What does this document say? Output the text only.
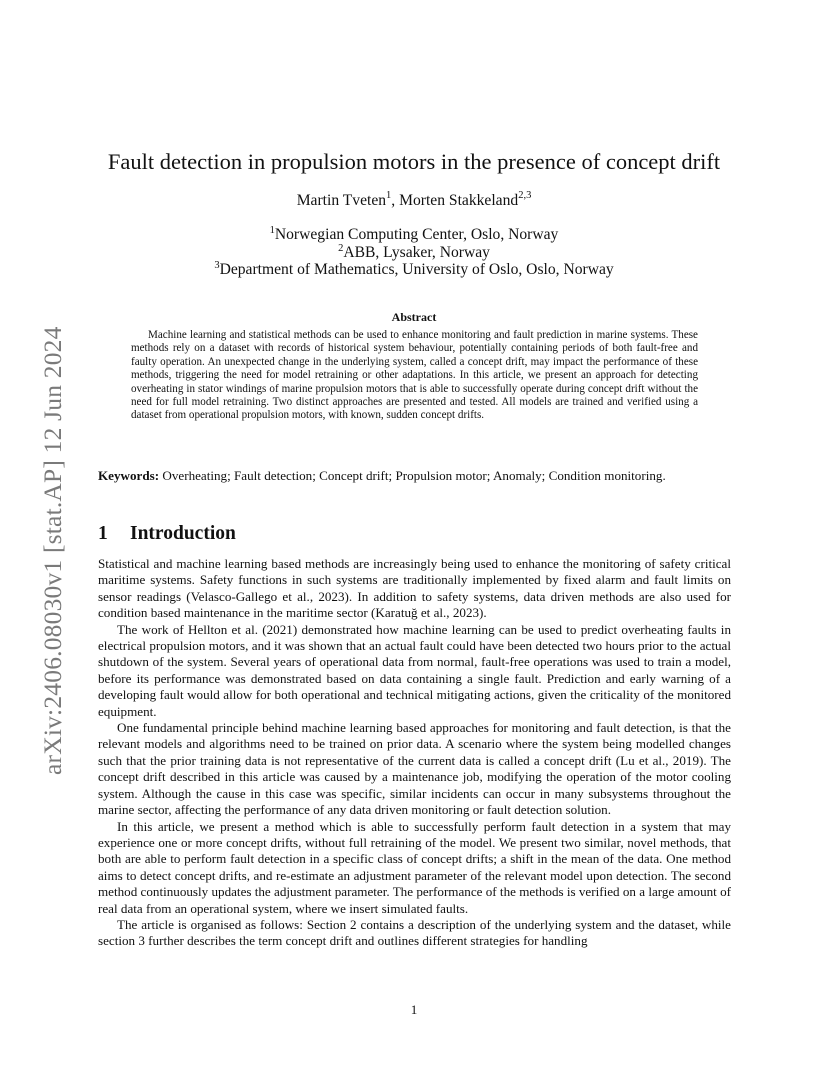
arXiv:2406.08030v1 [stat.AP] 12 Jun 2024
Fault detection in propulsion motors in the presence of concept drift
Martin Tveten$^1$, Morten Stakkeland$^{2,3}$
$^1$Norwegian Computing Center, Oslo, Norway
$^2$ABB, Lysaker, Norway
$^3$Department of Mathematics, University of Oslo, Oslo, Norway
Abstract
Machine learning and statistical methods can be used to enhance monitoring and fault prediction in marine systems. These methods rely on a dataset with records of historical system behaviour, potentially containing periods of both fault-free and faulty operation. An unexpected change in the underlying system, called a concept drift, may impact the performance of these methods, triggering the need for model retraining or other adaptations. In this article, we present an approach for detecting overheating in stator windings of marine propulsion motors that is able to successfully operate during concept drift without the need for full model retraining. Two distinct approaches are presented and tested. All models are trained and verified using a dataset from operational propulsion motors, with known, sudden concept drifts.
Keywords: Overheating; Fault detection; Concept drift; Propulsion motor; Anomaly; Condition monitoring.
1 Introduction

Statistical and machine learning based methods are increasingly being used to enhance the monitoring of safety critical maritime systems. Safety functions in such systems are traditionally implemented by fixed alarm and fault limits on sensor readings (Velasco-Gallego et al., 2023). In addition to safety systems, data driven methods are also used for condition based maintenance in the maritime sector (Karatuğ et al., 2023).

The work of Hellton et al. (2021) demonstrated how machine learning can be used to predict overheating faults in electrical propulsion motors, and it was shown that an actual fault could have been detected two hours prior to the actual shutdown of the system. Several years of operational data from normal, fault-free operations was used to train a model, before its performance was demonstrated based on data containing a single fault. Prediction and early warning of a developing fault would allow for both operational and technical mitigating actions, given the criticality of the monitored equipment.

One fundamental principle behind machine learning based approaches for monitoring and fault detection, is that the relevant models and algorithms need to be trained on prior data. A scenario where the system being modelled changes such that the prior training data is not representative of the current data is called a concept drift (Lu et al., 2019). The concept drift described in this article was caused by a maintenance job, modifying the operation of the motor cooling system. Although the cause in this case was specific, similar incidents can occur in many subsystems throughout the marine sector, affecting the performance of any data driven monitoring or fault detection solution.

In this article, we present a method which is able to successfully perform fault detection in a system that may experience one or more concept drifts, without full retraining of the model. We present two similar, novel methods, that both are able to perform fault detection in a specific class of concept drifts; a shift in the mean of the data. One method aims to detect concept drifts, and re-estimate an adjustment parameter of the relevant model upon detection. The second method continuously updates the adjustment parameter. The performance of the methods is verified on a large amount of real data from an operational system, where we insert simulated faults.

The article is organised as follows: Section 2 contains a description of the underlying system and the dataset, while section 3 further describes the term concept drift and outlines different strategies for handling

1
